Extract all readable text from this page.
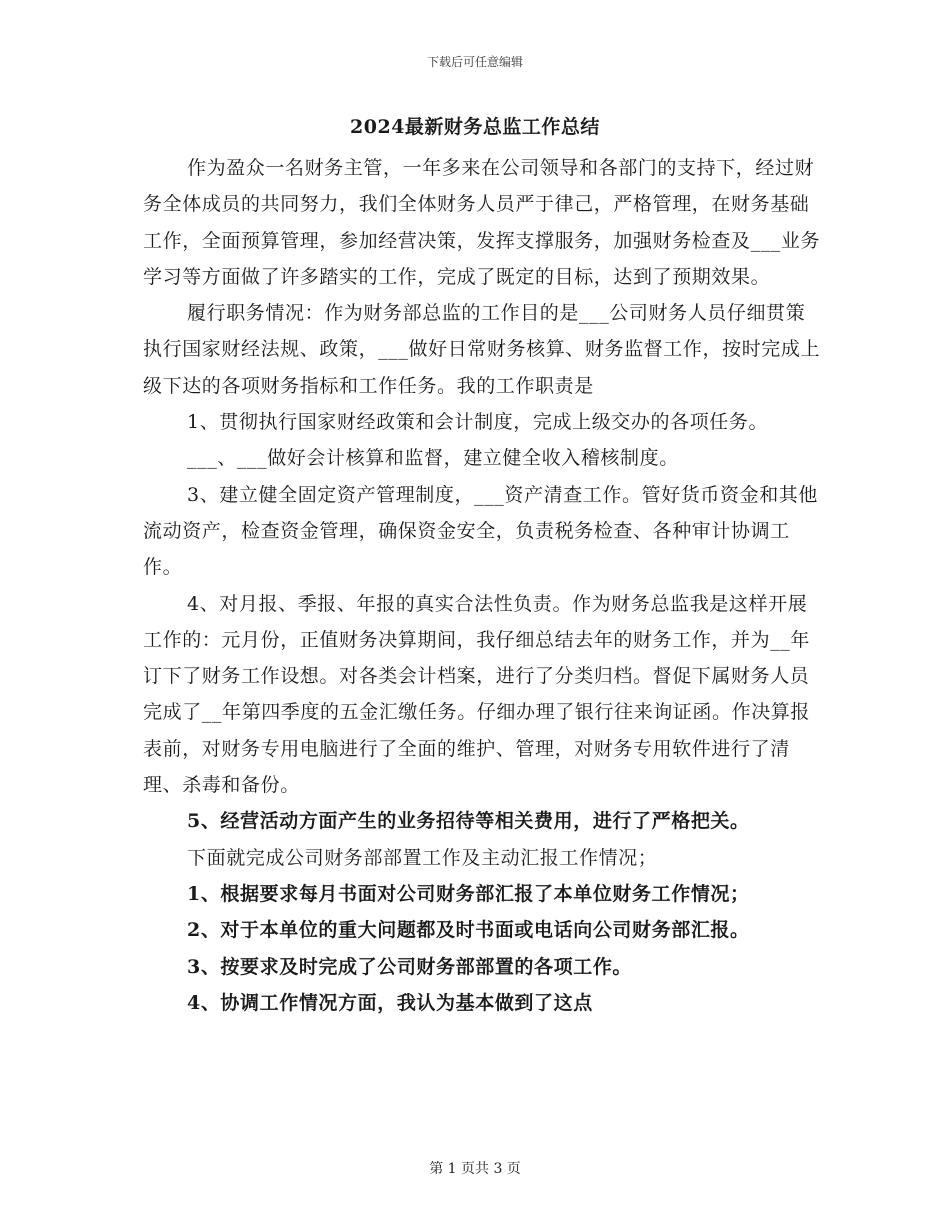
下载后可任意编辑
2024最新财务总监工作总结

作为盈众一名财务主管，一年多来在公司领导和各部门的支持下，经过财务全体成员的共同努力，我们全体财务人员严于律己，严格管理，在财务基础工作，全面预算管理，参加经营决策，发挥支撑服务，加强财务检查及___业务学习等方面做了许多踏实的工作，完成了既定的目标，达到了预期效果。

履行职务情况：作为财务部总监的工作目的是___公司财务人员仔细贯策执行国家财经法规、政策，___做好日常财务核算、财务监督工作，按时完成上级下达的各项财务指标和工作任务。我的工作职责是

1、贯彻执行国家财经政策和会计制度，完成上级交办的各项任务。

___、___做好会计核算和监督，建立健全收入稽核制度。

3、建立健全固定资产管理制度，___资产清查工作。管好货币资金和其他流动资产，检查资金管理，确保资金安全，负责税务检查、各种审计协调工作。

4、对月报、季报、年报的真实合法性负责。作为财务总监我是这样开展工作的：元月份，正值财务决算期间，我仔细总结去年的财务工作，并为__年订下了财务工作设想。对各类会计档案，进行了分类归档。督促下属财务人员完成了__年第四季度的五金汇缴任务。仔细办理了银行往来询证函。作决算报表前，对财务专用电脑进行了全面的维护、管理，对财务专用软件进行了清理、杀毒和备份。

5、经营活动方面产生的业务招待等相关费用，进行了严格把关。

下面就完成公司财务部部置工作及主动汇报工作情况；

1、根据要求每月书面对公司财务部汇报了本单位财务工作情况；

2、对于本单位的重大问题都及时书面或电话向公司财务部汇报。

3、按要求及时完成了公司财务部部置的各项工作。

4、协调工作情况方面，我认为基本做到了这点

第 1 页共 3 页
